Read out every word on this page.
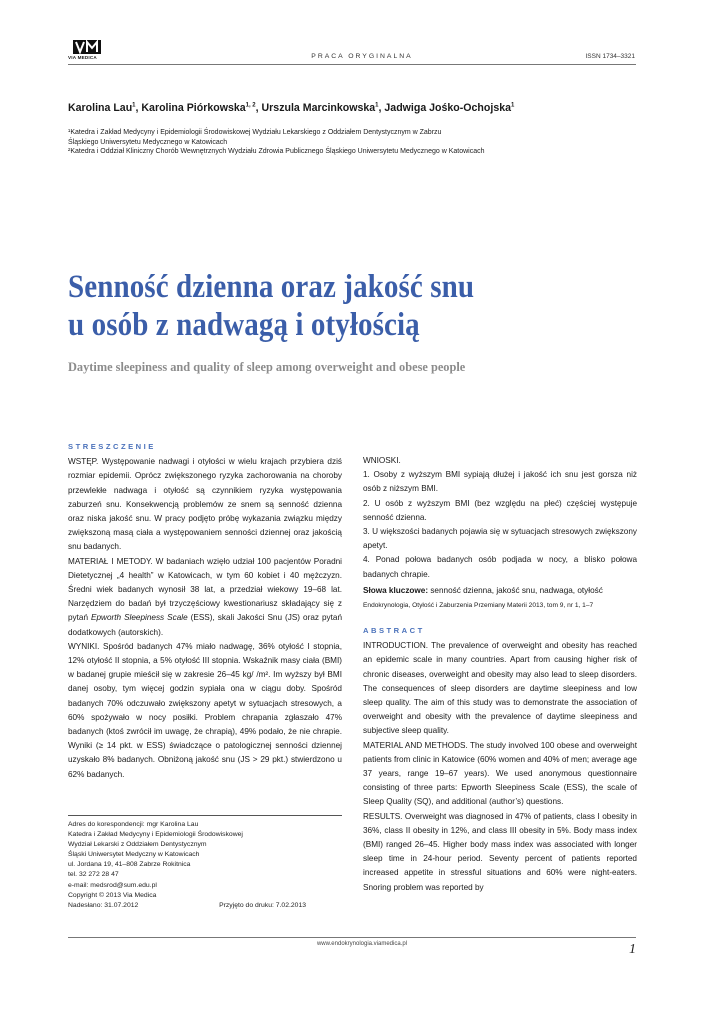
VIA MEDICA	PRACA ORYGINALNA	ISSN 1734–3321
Karolina Lau$^1$, Karolina Piórkowska$^{1, 2}$, Urszula Marcinkowska$^1$, Jadwiga Jośko-Ochojska$^1$
¹Katedra i Zakład Medycyny i Epidemiologii Środowiskowej Wydziału Lekarskiego z Oddziałem Dentystycznym w Zabrzu
Śląskiego Uniwersytetu Medycznego w Katowicach
²Katedra i Oddział Kliniczny Chorób Wewnętrznych Wydziału Zdrowia Publicznego Śląskiego Uniwersytetu Medycznego w Katowicach
Senność dzienna oraz jakość snu
u osób z nadwagą i otyłością
Daytime sleepiness and quality of sleep among overweight and obese people
STRESZCZENIE

WSTĘP. Występowanie nadwagi i otyłości w wielu krajach przybiera dziś rozmiar epidemii. Oprócz zwiększonego ryzyka zachorowania na choroby przewlekłe nadwaga i otyłość są czynnikiem ryzyka występowania zaburzeń snu. Konsekwencją problemów ze snem są senność dzienna oraz niska jakość snu. W pracy podjęto próbę wykazania związku między zwiększoną masą ciała a występowaniem senności dziennej oraz jakością snu badanych.

MATERIAŁ I METODY. W badaniach wzięło udział 100 pacjentów Poradni Dietetycznej „4 health” w Katowicach, w tym 60 kobiet i 40 mężczyzn. Średni wiek badanych wynosił 38 lat, a przedział wiekowy 19–68 lat. Narzędziem do badań był trzyczęściowy kwestionariusz składający się z pytań Epworth Sleepiness Scale (ESS), skali Jakości Snu (JS) oraz pytań dodatkowych (autorskich).

WYNIKI. Spośród badanych 47% miało nadwagę, 36% otyłość I stopnia, 12% otyłość II stopnia, a 5% otyłość III stopnia. Wskaźnik masy ciała (BMI) w badanej grupie mieścił się w zakresie 26–45 kg/ /m². Im wyższy był BMI danej osoby, tym więcej godzin sypiała ona w ciągu doby. Spośród badanych 70% odczuwało zwiększony apetyt w sytuacjach stresowych, a 60% spożywało w nocy posiłki. Problem chrapania zgłaszało 47% badanych (ktoś zwrócił im uwagę, że chrapią), 49% podało, że nie chrapie. Wyniki (≥ 14 pkt. w ESS) świadczące o patologicznej senności dziennej uzyskało 8% badanych. Obniżoną jakość snu (JS > 29 pkt.) stwierdzono u 62% badanych.

WNIOSKI.

1. Osoby z wyższym BMI sypiają dłużej i jakość ich snu jest gorsza niż osób z niższym BMI.

2. U osób z wyższym BMI (bez względu na płeć) częściej występuje senność dzienna.

3. U większości badanych pojawia się w sytuacjach stresowych zwiększony apetyt.

4. Ponad połowa badanych osób podjada w nocy, a blisko połowa badanych chrapie.

Słowa kluczowe: senność dzienna, jakość snu, nadwaga, otyłość

Endokrynologia, Otyłość i Zaburzenia Przemiany Materii 2013, tom 9, nr 1, 1–7

ABSTRACT

INTRODUCTION. The prevalence of overweight and obesity has reached an epidemic scale in many countries. Apart from causing higher risk of chronic diseases, overweight and obesity may also lead to sleep disorders. The consequences of sleep disorders are daytime sleepiness and low sleep quality. The aim of this study was to demonstrate the association of overweight and obesity with the prevalence of daytime sleepiness and subjective sleep quality.

MATERIAL AND METHODS. The study involved 100 obese and overweight patients from clinic in Katowice (60% women and 40% of men; average age 37 years, range 19–67 years). We used anonymous questionnaire consisting of three parts: Epworth Sleepiness Scale (ESS), the scale of Sleep Quality (SQ), and additional (author’s) questions.

RESULTS. Overweight was diagnosed in 47% of patients, class I obesity in 36%, class II obesity in 12%, and class III obesity in 5%. Body mass index (BMI) ranged 26–45. Higher body mass index was associated with longer sleep time in 24-hour period. Seventy percent of patients reported increased appetite in stressful situations and 60% were night-eaters. Snoring problem was reported by

Adres do korespondencji: mgr Karolina Lau
Katedra i Zakład Medycyny i Epidemiologii Środowiskowej
Wydział Lekarski z Oddziałem Dentystycznym
Śląski Uniwersytet Medyczny w Katowicach
ul. Jordana 19, 41–808 Zabrze Rokitnica
tel. 32 272 28 47
e-mail: medsrod@sum.edu.pl
Copyright © 2013 Via Medica
Nadesłano: 31.07.2012	Przyjęto do druku: 7.02.2013
www.endokrynologia.viamedica.pl	1
